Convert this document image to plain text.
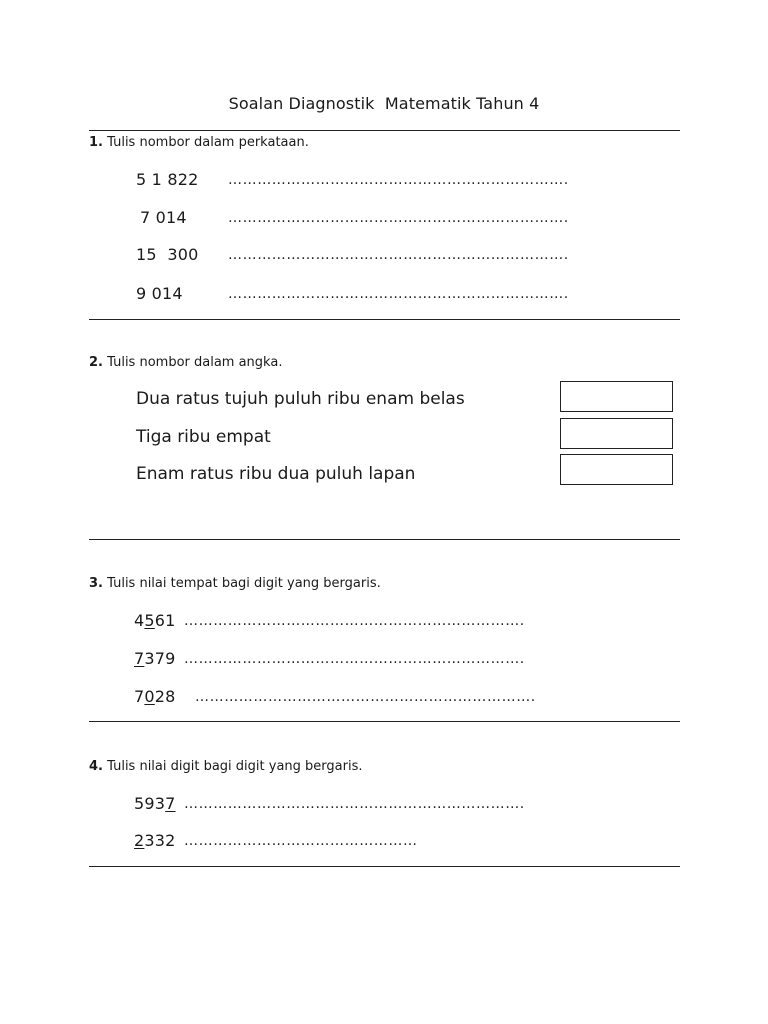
Soalan Diagnostik  Matematik Tahun 4
1. Tulis nombor dalam perkataan.
5 1 822 …………………………………………………………….
7 014	…………………………………………………………….
15  300 …………………………………………………………….
9 014	…………………………………………………………….
2. Tulis nombor dalam angka.
Dua ratus tujuh puluh ribu enam belas
Tiga ribu empat
Enam ratus ribu dua puluh lapan
3. Tulis nilai tempat bagi digit yang bergaris.
4561 …………………………………………………………….
7379 …………………………………………………………….
7028 …………………………………………………………….
4. Tulis nilai digit bagi digit yang bergaris.
5937 …………………………………………………………….
2332 …………………………………………
